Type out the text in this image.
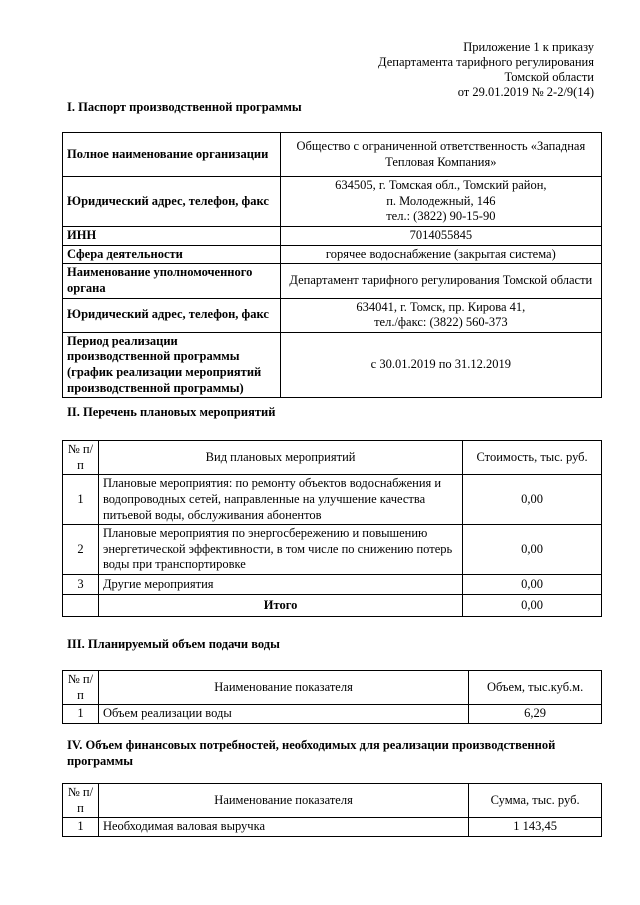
Приложение 1 к приказу
Департамента тарифного регулирования
Томской области
от 29.01.2019 № 2-2/9(14)
I. Паспорт производственной программы
Полное наименование организации	Общество с ограниченной ответственность «Западная Тепловая Компания»
Юридический адрес, телефон, факс	634505, г. Томская обл., Томский район,
п. Молодежный, 146
тел.: (3822) 90-15-90

ИНН	7014055845
Сфера деятельности	горячее водоснабжение (закрытая система)
Наименование уполномоченного органа	Департамент тарифного регулирования Томской области
Юридический адрес, телефон, факс	634041, г. Томск, пр. Кирова 41,
тел./факс: (3822) 560-373

Период реализации производственной программы (график реализации мероприятий производственной программы)	с 30.01.2019 по 31.12.2019
II. Перечень плановых мероприятий
№ п/п	Вид плановых мероприятий	Стоимость, тыс. руб.
1	Плановые мероприятия: по ремонту объектов водоснабжения и водопроводных сетей, направленные на улучшение качества питьевой воды, обслуживания абонентов	0,00
2	Плановые мероприятия по энергосбережению и повышению энергетической эффективности, в том числе по снижению потерь воды при транспортировке	0,00
3	Другие мероприятия	0,00
	Итого	0,00
III. Планируемый объем подачи воды
№ п/п	Наименование показателя	Объем, тыс.куб.м.
1	Объем реализации воды	6,29
IV. Объем финансовых потребностей, необходимых для реализации производственной программы
№ п/п	Наименование показателя	Сумма, тыс. руб.
1	Необходимая валовая выручка	1 143,45
